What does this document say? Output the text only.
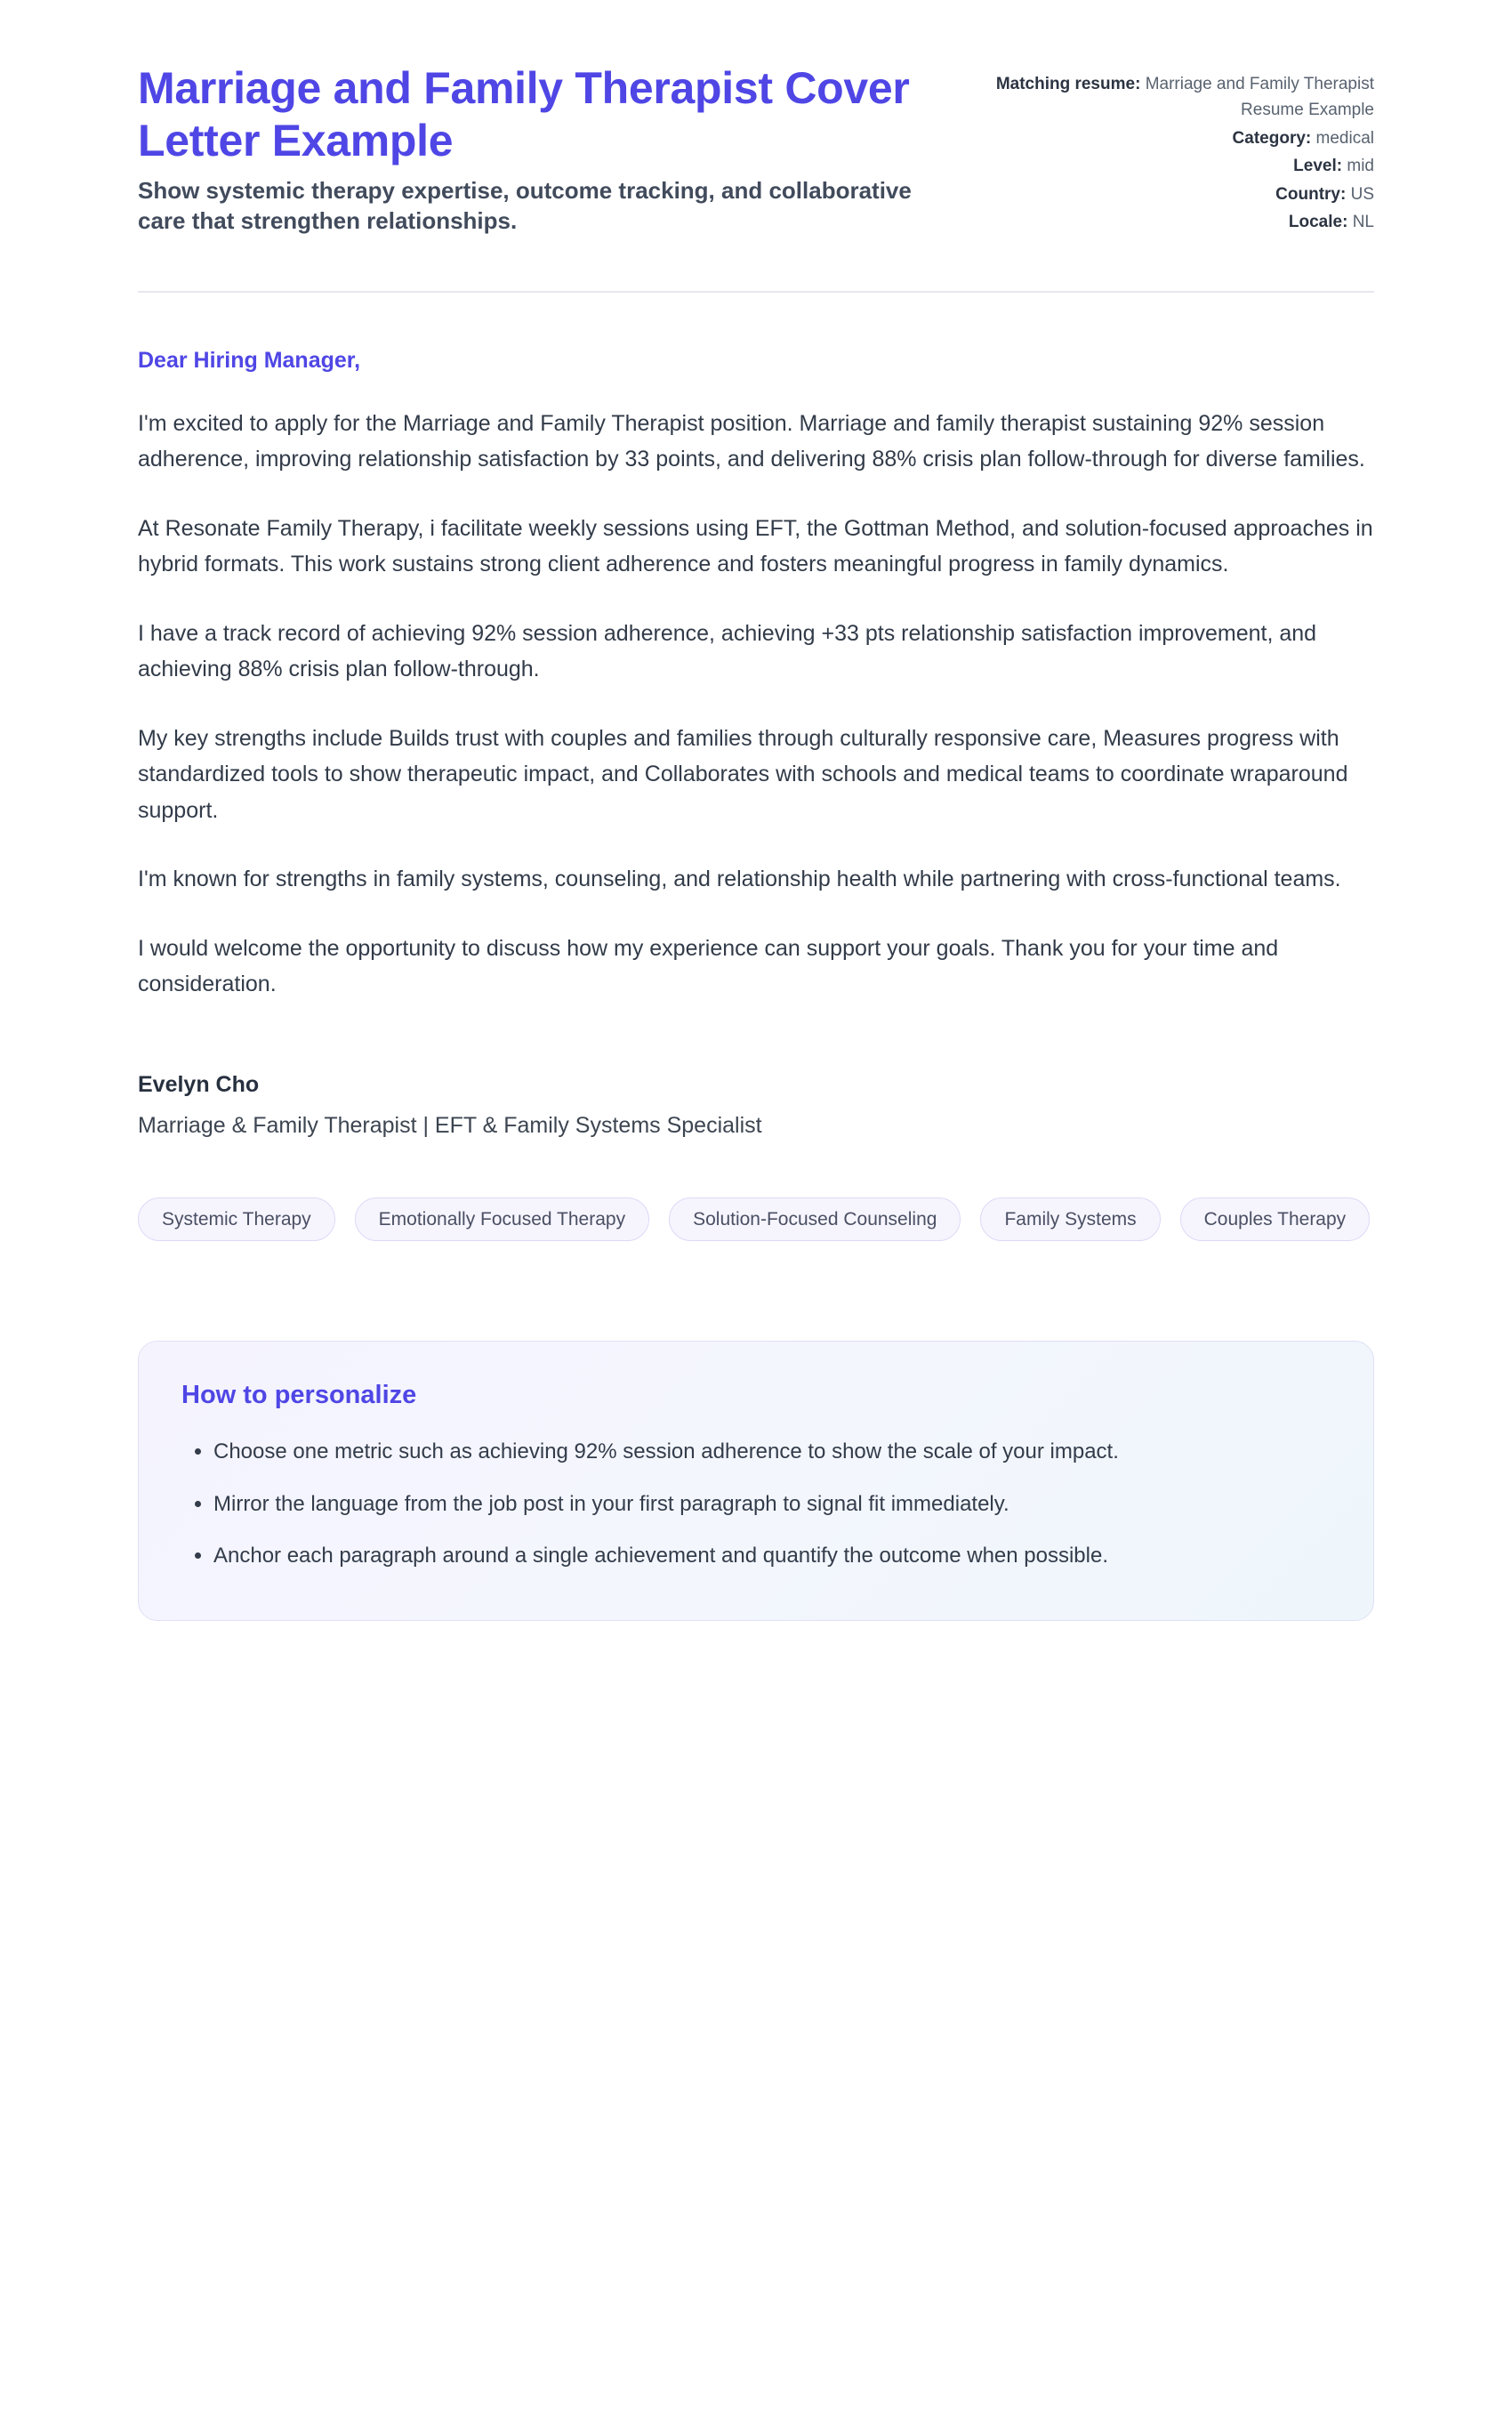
Marriage and Family Therapist Cover Letter Example

Show systemic therapy expertise, outcome tracking, and collaborative care that strengthen relationships.

Matching resume: Marriage and Family Therapist Resume Example
Category: medical
Level: mid
Country: US
Locale: NL

Dear Hiring Manager,

I'm excited to apply for the Marriage and Family Therapist position. Marriage and family therapist sustaining 92% session adherence, improving relationship satisfaction by 33 points, and delivering 88% crisis plan follow-through for diverse families.

At Resonate Family Therapy, i facilitate weekly sessions using EFT, the Gottman Method, and solution-focused approaches in hybrid formats. This work sustains strong client adherence and fosters meaningful progress in family dynamics.

I have a track record of achieving 92% session adherence, achieving +33 pts relationship satisfaction improvement, and achieving 88% crisis plan follow-through.

My key strengths include Builds trust with couples and families through culturally responsive care, Measures progress with standardized tools to show therapeutic impact, and Collaborates with schools and medical teams to coordinate wraparound support.

I'm known for strengths in family systems, counseling, and relationship health while partnering with cross-functional teams.

I would welcome the opportunity to discuss how my experience can support your goals. Thank you for your time and consideration.

Evelyn Cho

Marriage & Family Therapist | EFT & Family Systems Specialist

Systemic Therapy	Emotionally Focused Therapy	Solution-Focused Counseling	Family Systems	Couples Therapy
How to personalize
• Choose one metric such as achieving 92% session adherence to show the scale of your impact.
• Mirror the language from the job post in your first paragraph to signal fit immediately.
• Anchor each paragraph around a single achievement and quantify the outcome when possible.
